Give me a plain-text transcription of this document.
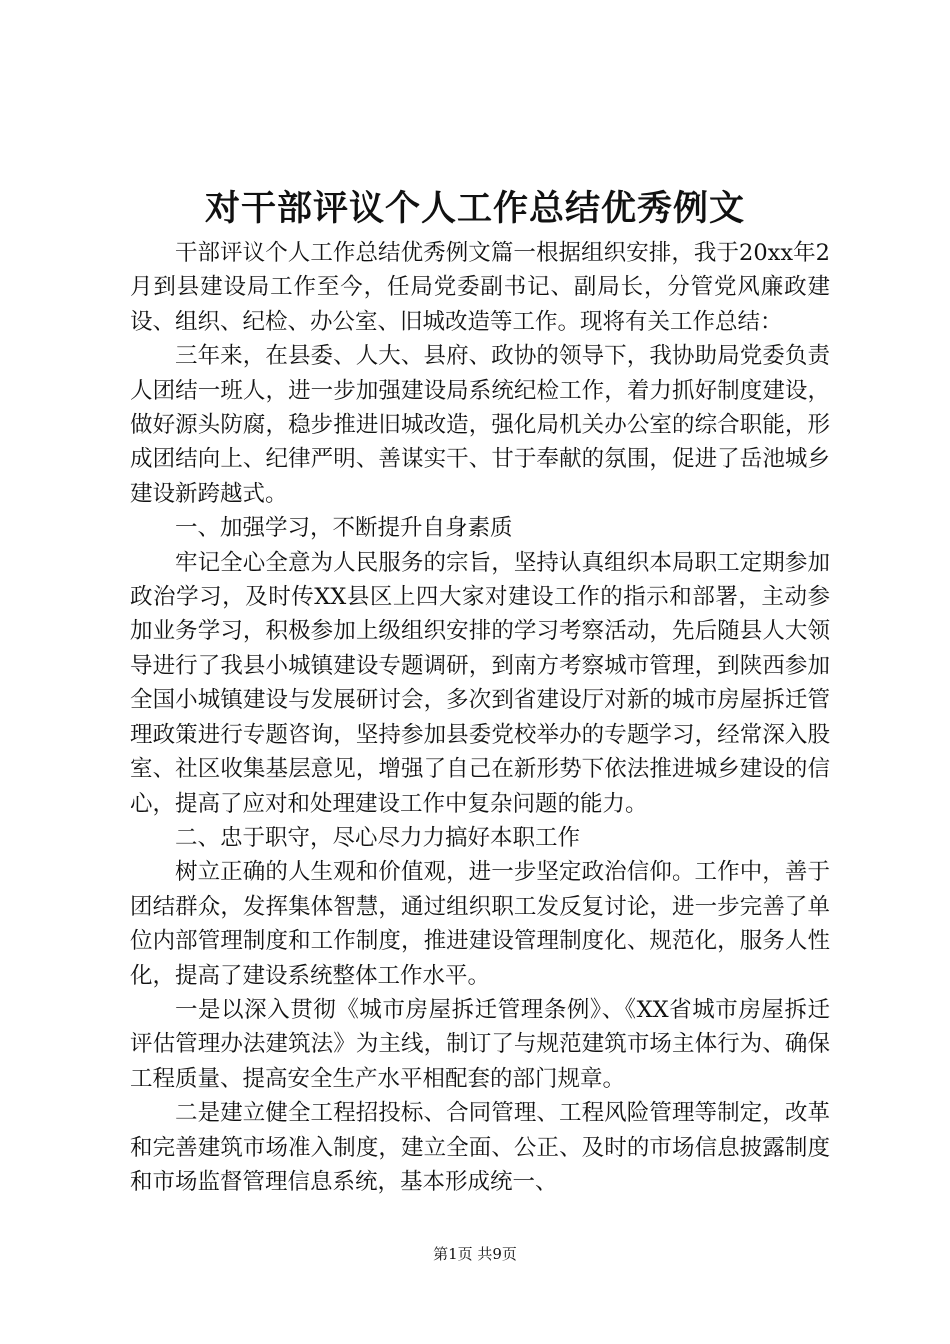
对干部评议个人工作总结优秀例文

干部评议个人工作总结优秀例文篇一根据组织安排，我于20xx年2月到县建设局工作至今，任局党委副书记、副局长，分管党风廉政建设、组织、纪检、办公室、旧城改造等工作。现将有关工作总结：

三年来，在县委、人大、县府、政协的领导下，我协助局党委负责人团结一班人，进一步加强建设局系统纪检工作，着力抓好制度建设，做好源头防腐，稳步推进旧城改造，强化局机关办公室的综合职能，形成团结向上、纪律严明、善谋实干、甘于奉献的氛围，促进了岳池城乡建设新跨越式。

一、加强学习，不断提升自身素质

牢记全心全意为人民服务的宗旨，坚持认真组织本局职工定期参加政治学习，及时传XX县区上四大家对建设工作的指示和部署，主动参加业务学习，积极参加上级组织安排的学习考察活动，先后随县人大领导进行了我县小城镇建设专题调研，到南方考察城市管理，到陕西参加全国小城镇建设与发展研讨会，多次到省建设厅对新的城市房屋拆迁管理政策进行专题咨询，坚持参加县委党校举办的专题学习，经常深入股室、社区收集基层意见，增强了自己在新形势下依法推进城乡建设的信心，提高了应对和处理建设工作中复杂问题的能力。

二、忠于职守，尽心尽力力搞好本职工作

树立正确的人生观和价值观，进一步坚定政治信仰。工作中，善于团结群众，发挥集体智慧，通过组织职工发反复讨论，进一步完善了单位内部管理制度和工作制度，推进建设管理制度化、规范化，服务人性化，提高了建设系统整体工作水平。

一是以深入贯彻《城市房屋拆迁管理条例》、《XX省城市房屋拆迁评估管理办法建筑法》为主线，制订了与规范建筑市场主体行为、确保工程质量、提高安全生产水平相配套的部门规章。

二是建立健全工程招投标、合同管理、工程风险管理等制定，改革和完善建筑市场准入制度，建立全面、公正、及时的市场信息披露制度和市场监督管理信息系统，基本形成统一、

第1页 共9页
